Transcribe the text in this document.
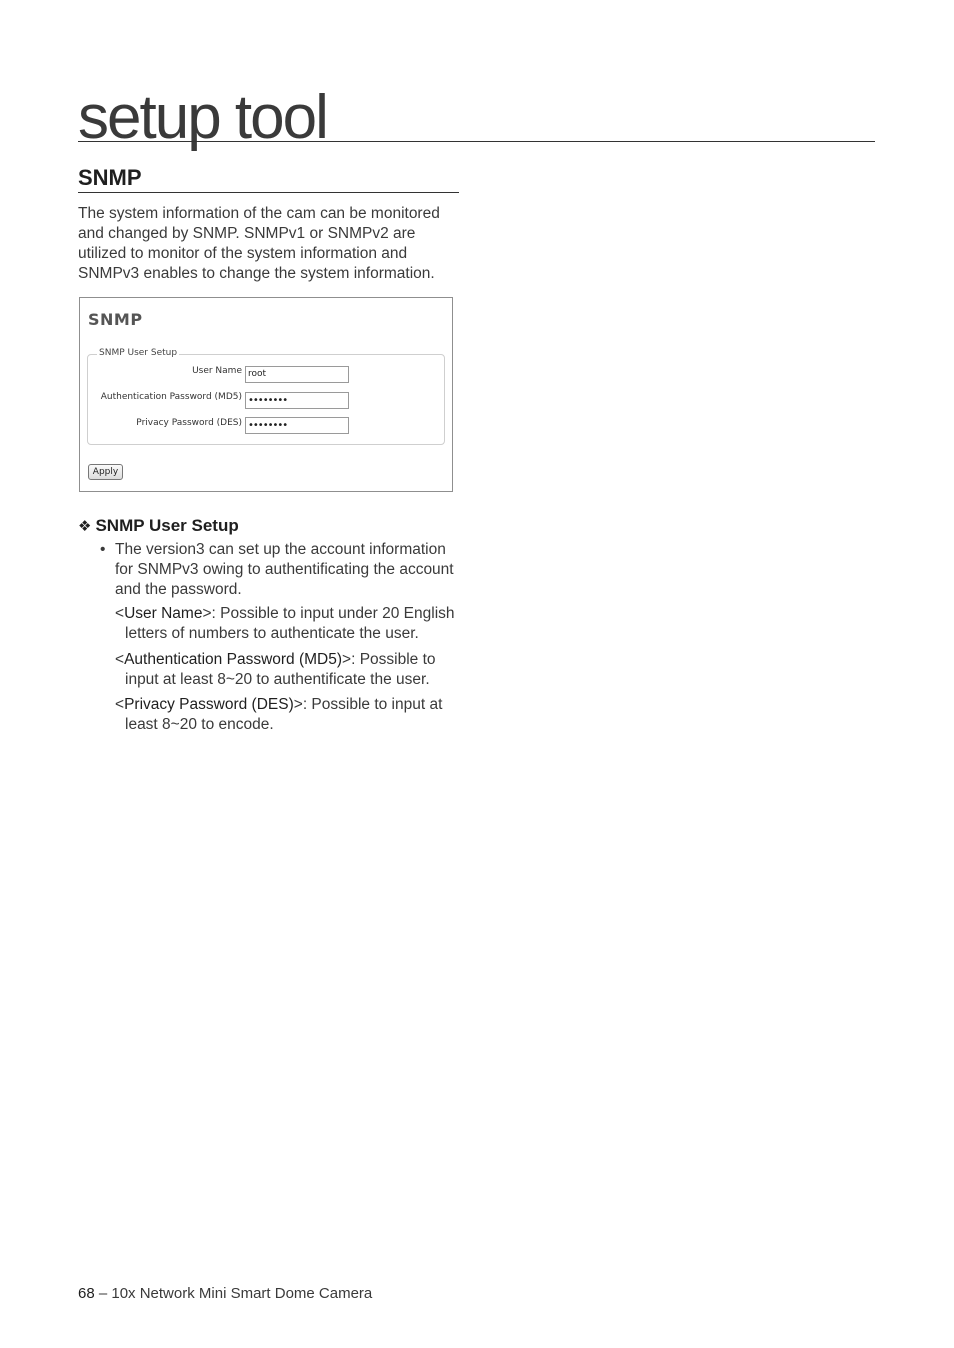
setup tool
SNMP

The system information of the cam can be monitored and changed by SNMP. SNMPv1 or SNMPv2 are utilized to monitor of the system information and SNMPv3 enables to change the system information.

SNMP
SNMP User Setup
User Name root
Authentication Password (MD5) ••••••••
Privacy Password (DES) ••••••••
Apply
❖ SNMP User Setup
• The version3 can set up the account information for SNMPv3 owing to authentificating the account and the password.
<User Name>: Possible to input under 20 English letters of numbers to authenticate the user.
<Authentication Password (MD5)>: Possible to input at least 8~20 to authentificate the user.
<Privacy Password (DES)>: Possible to input at least 8~20 to encode.
68 – 10x Network Mini Smart Dome Camera
